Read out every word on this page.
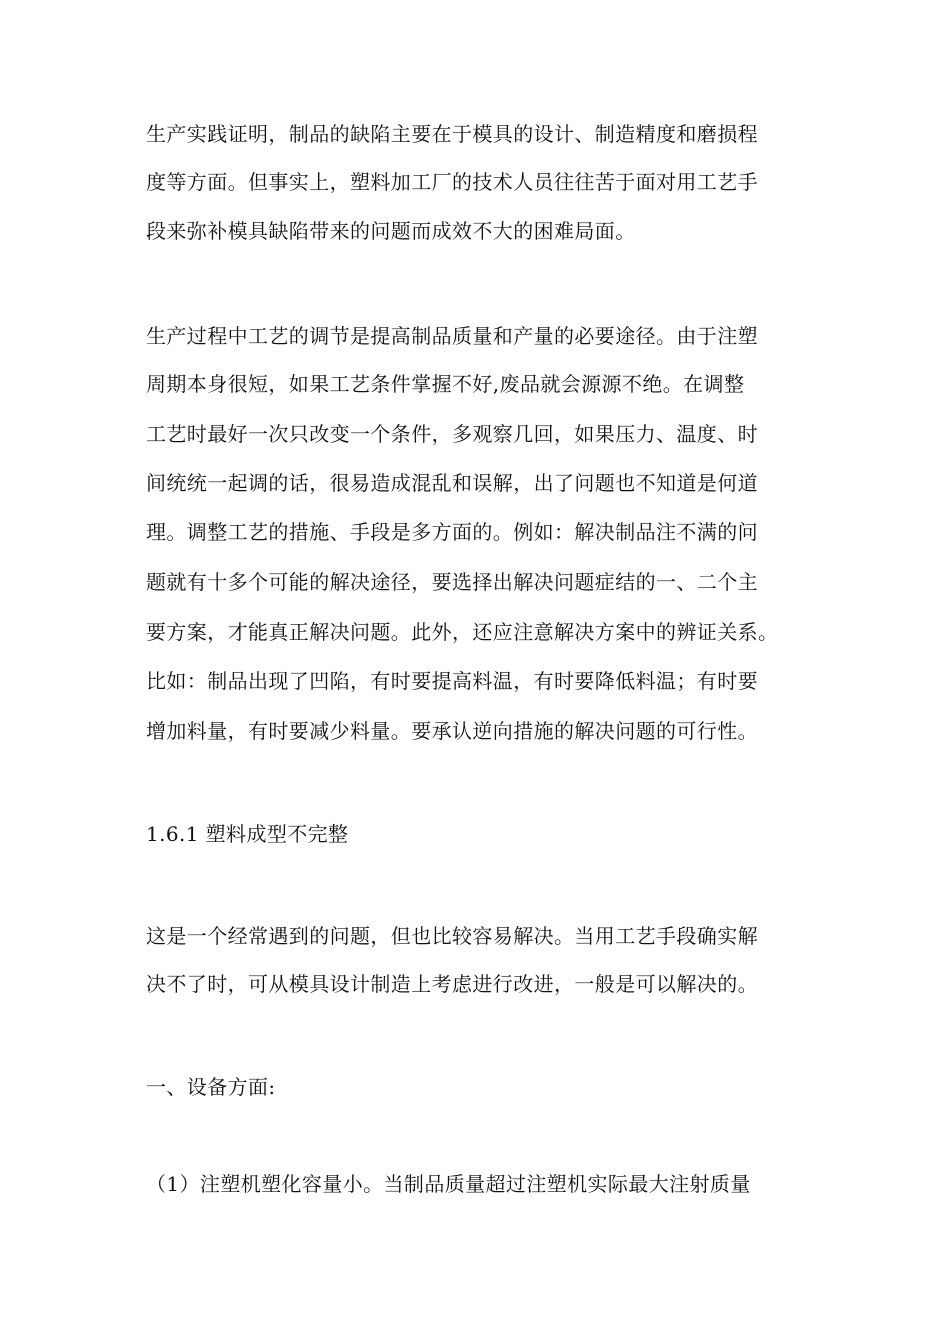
生产实践证明，制品的缺陷主要在于模具的设计、制造精度和磨损程
度等方面。但事实上，塑料加工厂的技术人员往往苦于面对用工艺手
段来弥补模具缺陷带来的问题而成效不大的困难局面。
生产过程中工艺的调节是提高制品质量和产量的必要途径。由于注塑
周期本身很短，如果工艺条件掌握不好,废品就会源源不绝。在调整
工艺时最好一次只改变一个条件，多观察几回，如果压力、温度、时
间统统一起调的话，很易造成混乱和误解，出了问题也不知道是何道
理。调整工艺的措施、手段是多方面的。例如：解决制品注不满的问
题就有十多个可能的解决途径，要选择出解决问题症结的一、二个主
要方案，才能真正解决问题。此外，还应注意解决方案中的辨证关系。
比如：制品出现了凹陷，有时要提高料温，有时要降低料温；有时要
增加料量，有时要减少料量。要承认逆向措施的解决问题的可行性。
1.6.1 塑料成型不完整
这是一个经常遇到的问题，但也比较容易解决。当用工艺手段确实解
决不了时，可从模具设计制造上考虑进行改进，一般是可以解决的。
一、设备方面:
（1）注塑机塑化容量小。当制品质量超过注塑机实际最大注射质量
